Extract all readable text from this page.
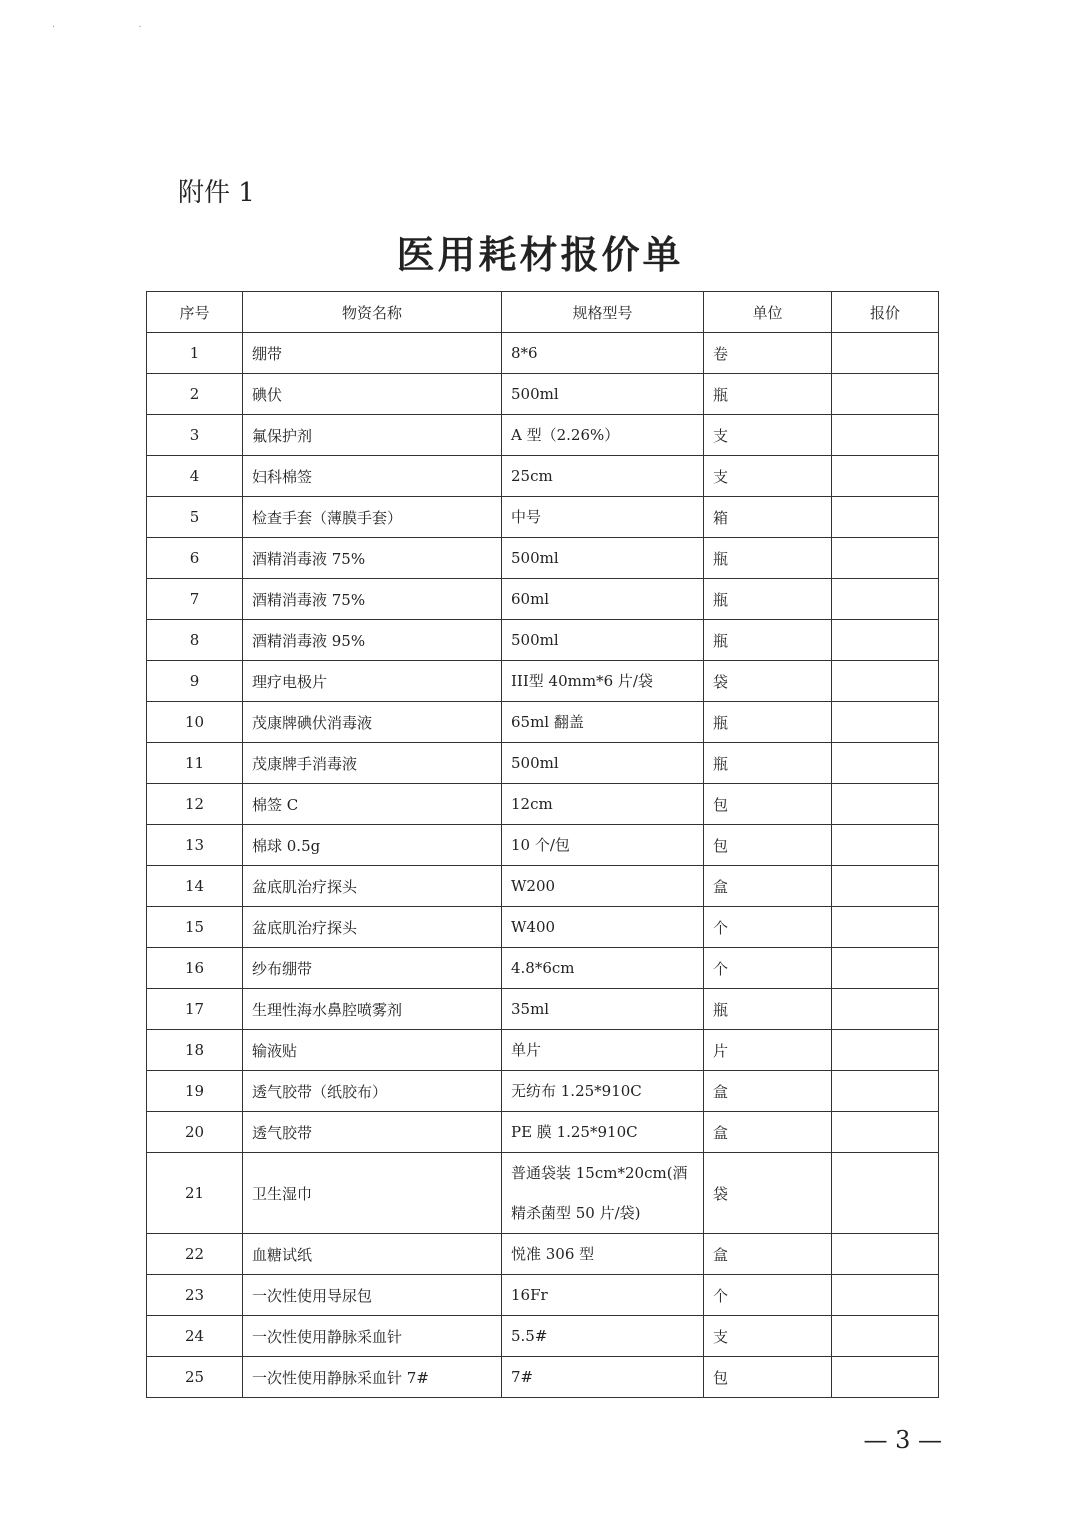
· ·
附件 1
医用耗材报价单
序号	物资名称	规格型号	单位	报价
1	绷带	8*6	卷	
2	碘伏	500ml	瓶	
3	氟保护剂	A 型（2.26%）	支	
4	妇科棉签	25cm	支	
5	检查手套（薄膜手套）	中号	箱	
6	酒精消毒液 75%	500ml	瓶	
7	酒精消毒液 75%	60ml	瓶	
8	酒精消毒液 95%	500ml	瓶	
9	理疗电极片	III型 40mm*6 片/袋	袋	
10	茂康牌碘伏消毒液	65ml 翻盖	瓶	
11	茂康牌手消毒液	500ml	瓶	
12	棉签 C	12cm	包	
13	棉球 0.5g	10 个/包	包	
14	盆底肌治疗探头	W200	盒	
15	盆底肌治疗探头	W400	个	
16	纱布绷带	4.8*6cm	个	
17	生理性海水鼻腔喷雾剂	35ml	瓶	
18	输液贴	单片	片	
19	透气胶带（纸胶布）	无纺布 1.25*910C	盒	
20	透气胶带	PE 膜 1.25*910C	盒	
21	卫生湿巾	普通袋装 15cm*20cm(酒精杀菌型 50 片/袋)	袋	
22	血糖试纸	悦准 306 型	盒	
23	一次性使用导尿包	16Fr	个	
24	一次性使用静脉采血针	5.5#	支	
25	一次性使用静脉采血针 7#	7#	包	
— 3 —
